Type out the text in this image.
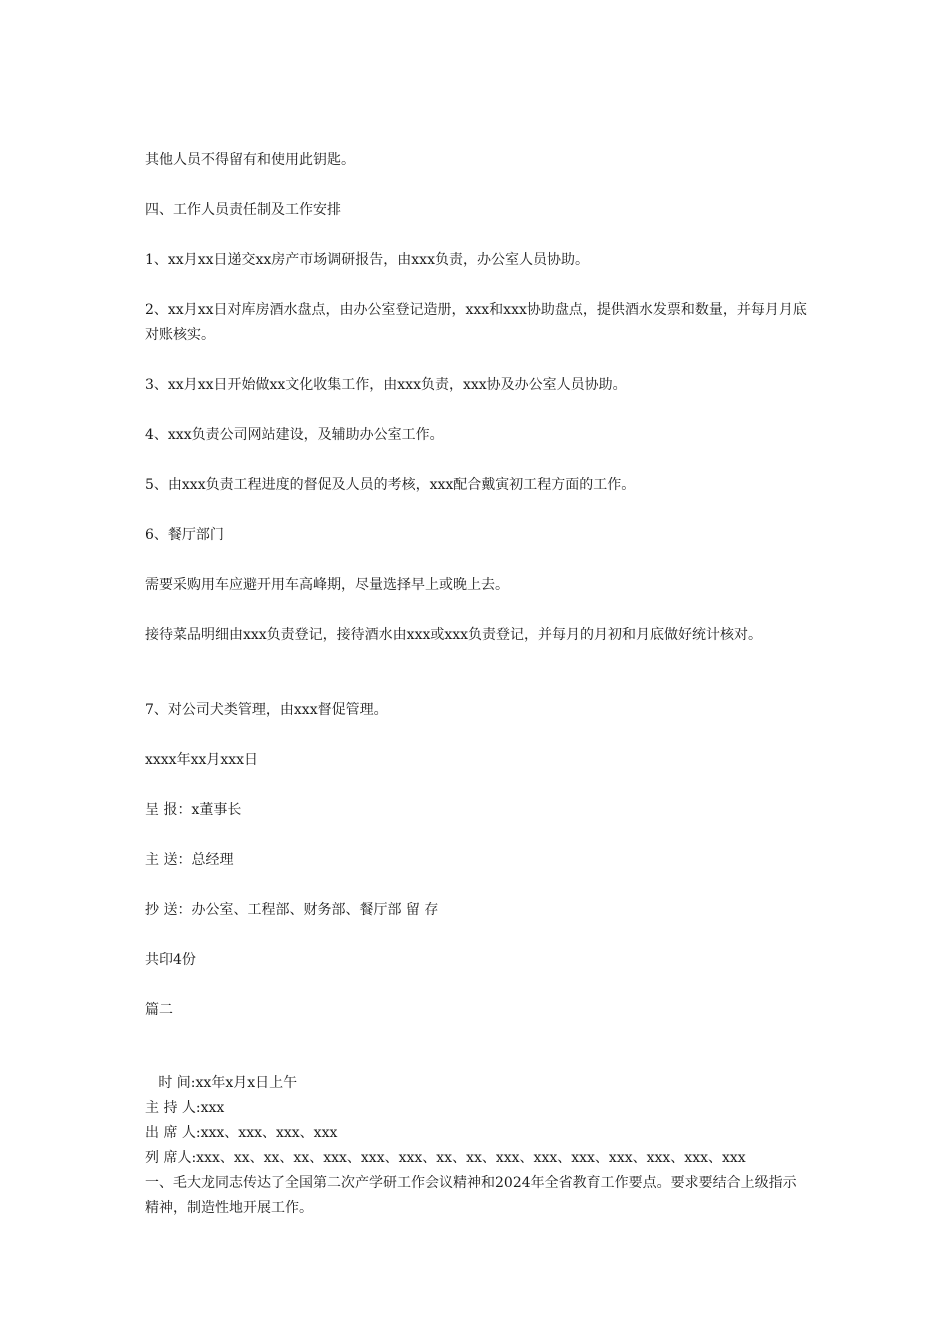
其他人员不得留有和使用此钥匙。

四、工作人员责任制及工作安排

1、xx月xx日递交xx房产市场调研报告，由xxx负责，办公室人员协助。

2、xx月xx日对库房酒水盘点，由办公室登记造册，xxx和xxx协助盘点，提供酒水发票和数量，并每月月底对账核实。

3、xx月xx日开始做xx文化收集工作，由xxx负责，xxx协及办公室人员协助。

4、xxx负责公司网站建设，及辅助办公室工作。

5、由xxx负责工程进度的督促及人员的考核，xxx配合戴寅初工程方面的工作。

6、餐厅部门

需要采购用车应避开用车高峰期，尽量选择早上或晚上去。

接待菜品明细由xxx负责登记，接待酒水由xxx或xxx负责登记，并每月的月初和月底做好统计核对。

7、对公司犬类管理，由xxx督促管理。

xxxx年xx月xxx日

呈 报：x董事长

主 送：总经理

抄 送：办公室、工程部、财务部、餐厅部 留 存

共印4份

篇二

时 间:xx年x月x日上午

主 持 人:xxx

出 席 人:xxx、xxx、xxx、xxx

列 席人:xxx、xx、xx、xx、xxx、xxx、xxx、xx、xx、xxx、xxx、xxx、xxx、xxx、xxx、xxx

一、毛大龙同志传达了全国第二次产学研工作会议精神和2024年全省教育工作要点。要求要结合上级指示精神，制造性地开展工作。
